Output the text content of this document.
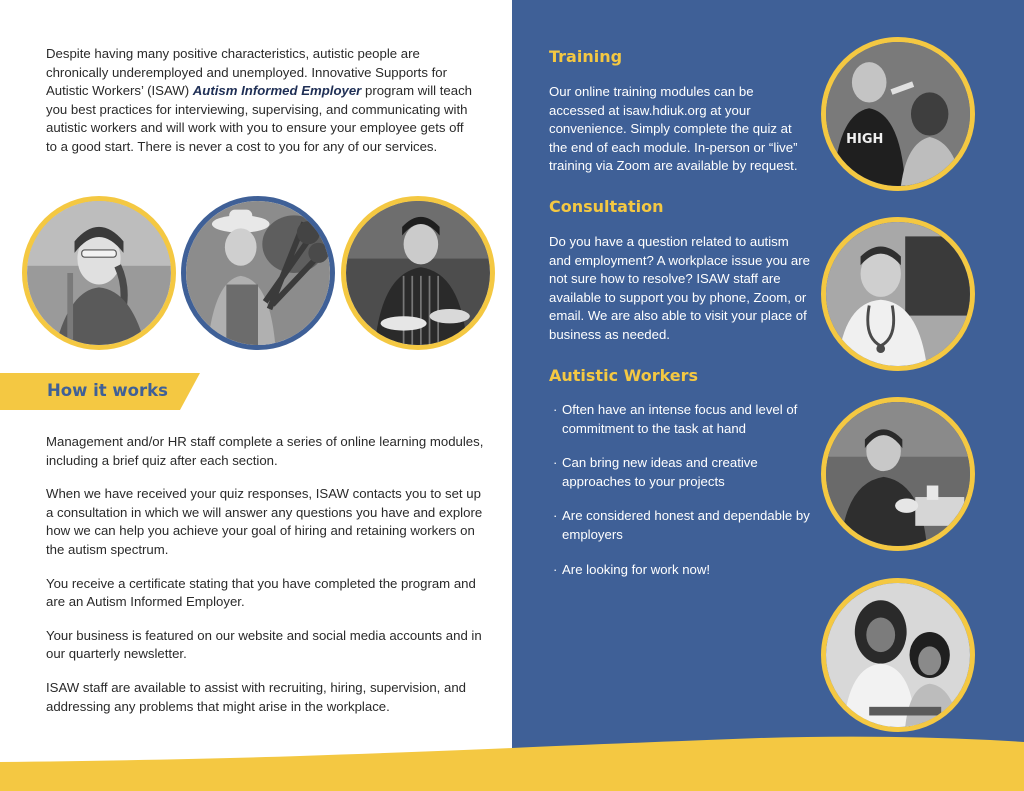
Despite having many positive characteristics, autistic people are chronically underemployed and unemployed. Innovative Supports for Autistic Workers’ (ISAW) Autism Informed Employer program will teach you best practices for interviewing, supervising, and communicating with autistic workers and will work with you to ensure your employee gets off to a good start. There is never a cost to you for any of our services.

How it works

Management and/or HR staff complete a series of online learning modules, including a brief quiz after each section.

When we have received your quiz responses, ISAW contacts you to set up a consultation in which we will answer any questions you have and explore how we can help you achieve your goal of hiring and retaining workers on the autism spectrum.

You receive a certificate stating that you have completed the program and are an Autism Informed Employer.

Your business is featured on our website and social media accounts and in our quarterly newsletter.

ISAW staff are available to assist with recruiting, hiring, supervision, and addressing any problems that might arise in the workplace.

Training

Our online training modules can be accessed at isaw.hdiuk.org at your convenience. Simply complete the quiz at the end of each module. In-person or “live” training via Zoom are available by request.

Consultation

Do you have a question related to autism and employment? A workplace issue you are not sure how to resolve? ISAW staff are available to support you by phone, Zoom, or email. We are also able to visit your place of business as needed.

Autistic Workers
· Often have an intense focus and level of commitment to the task at hand
· Can bring new ideas and creative approaches to your projects
· Are considered honest and dependable by employers
· Are looking for work now!
HIGH
